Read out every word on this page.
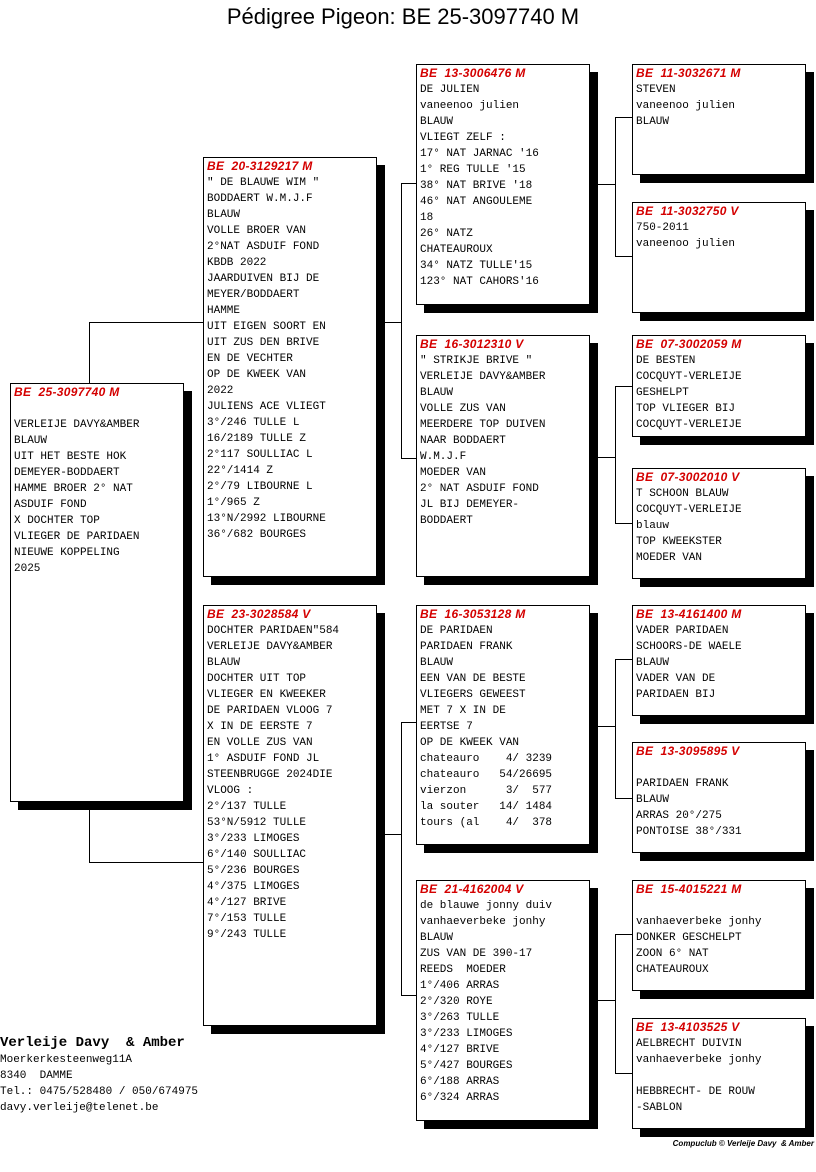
Pédigree Pigeon: BE 25-3097740 M
BE  25-3097740 M
VERLEIJE DAVY&AMBER
BLAUW
UIT HET BESTE HOK
DEMEYER-BODDAERT
HAMME BROER 2° NAT
ASDUIF FOND
X DOCHTER TOP
VLIEGER DE PARIDAEN
NIEUWE KOPPELING
2025
BE  20-3129217 M
" DE BLAUWE WIM "
BODDAERT W.M.J.F
BLAUW
VOLLE BROER VAN
2°NAT ASDUIF FOND
KBDB 2022
JAARDUIVEN BIJ DE
MEYER/BODDAERT
HAMME
UIT EIGEN SOORT EN
UIT ZUS DEN BRIVE
EN DE VECHTER
OP DE KWEEK VAN
2022
JULIENS ACE VLIEGT
3°/246 TULLE L
16/2189 TULLE Z
2°117 SOULLIAC L
22°/1414 Z
2°/79 LIBOURNE L
1°/965 Z
13°N/2992 LIBOURNE
36°/682 BOURGES
BE  23-3028584 V
DOCHTER PARIDAEN"584
VERLEIJE DAVY&AMBER
BLAUW
DOCHTER UIT TOP
VLIEGER EN KWEEKER
DE PARIDAEN VLOOG 7
X IN DE EERSTE 7
EN VOLLE ZUS VAN
1° ASDUIF FOND JL
STEENBRUGGE 2024DIE
VLOOG :
2°/137 TULLE
53°N/5912 TULLE
3°/233 LIMOGES
6°/140 SOULLIAC
5°/236 BOURGES
4°/375 LIMOGES
4°/127 BRIVE
7°/153 TULLE
9°/243 TULLE
BE  13-3006476 M
DE JULIEN
vaneenoo julien
BLAUW
VLIEGT ZELF :
17° NAT JARNAC '16
1° REG TULLE '15
38° NAT BRIVE '18
46° NAT ANGOULEME
18
26° NATZ
CHATEAUROUX
34° NATZ TULLE'15
123° NAT CAHORS'16
BE  16-3012310 V
" STRIKJE BRIVE "
VERLEIJE DAVY&AMBER
BLAUW
VOLLE ZUS VAN
MEERDERE TOP DUIVEN
NAAR BODDAERT
W.M.J.F
MOEDER VAN
2° NAT ASDUIF FOND
JL BIJ DEMEYER-
BODDAERT
BE  16-3053128 M
DE PARIDAEN
PARIDAEN FRANK
BLAUW
EEN VAN DE BESTE
VLIEGERS GEWEEST
MET 7 X IN DE
EERTSE 7
OP DE KWEEK VAN
chateauro    4/ 3239
chateauro   54/26695
vierzon      3/  577
la souter   14/ 1484
tours (al    4/  378
BE  21-4162004 V
de blauwe jonny duiv
vanhaeverbeke jonhy
BLAUW
ZUS VAN DE 390-17
REEDS  MOEDER
1°/406 ARRAS
2°/320 ROYE
3°/263 TULLE
3°/233 LIMOGES
4°/127 BRIVE
5°/427 BOURGES
6°/188 ARRAS
6°/324 ARRAS
BE  11-3032671 M
STEVEN
vaneenoo julien
BLAUW
BE  11-3032750 V
750-2011
vaneenoo julien
BE  07-3002059 M
DE BESTEN
COCQUYT-VERLEIJE
GESHELPT
TOP VLIEGER BIJ
COCQUYT-VERLEIJE
BE  07-3002010 V
T SCHOON BLAUW
COCQUYT-VERLEIJE
blauw
TOP KWEEKSTER
MOEDER VAN
BE  13-4161400 M
VADER PARIDAEN
SCHOORS-DE WAELE
BLAUW
VADER VAN DE
PARIDAEN BIJ
BE  13-3095895 V
PARIDAEN FRANK
BLAUW
ARRAS 20°/275
PONTOISE 38°/331
BE  15-4015221 M
vanhaeverbeke jonhy
DONKER GESCHELPT
ZOON 6° NAT
CHATEAUROUX
BE  13-4103525 V
AELBRECHT DUIVIN
vanhaeverbeke jonhy
HEBBRECHT- DE ROUW
-SABLON
Verleije Davy  & Amber
Moerkerkesteenweg11A
8340  DAMME
Tel.: 0475/528480 / 050/674975
davy.verleije@telenet.be
Compuclub © Verleije Davy  & Amber
